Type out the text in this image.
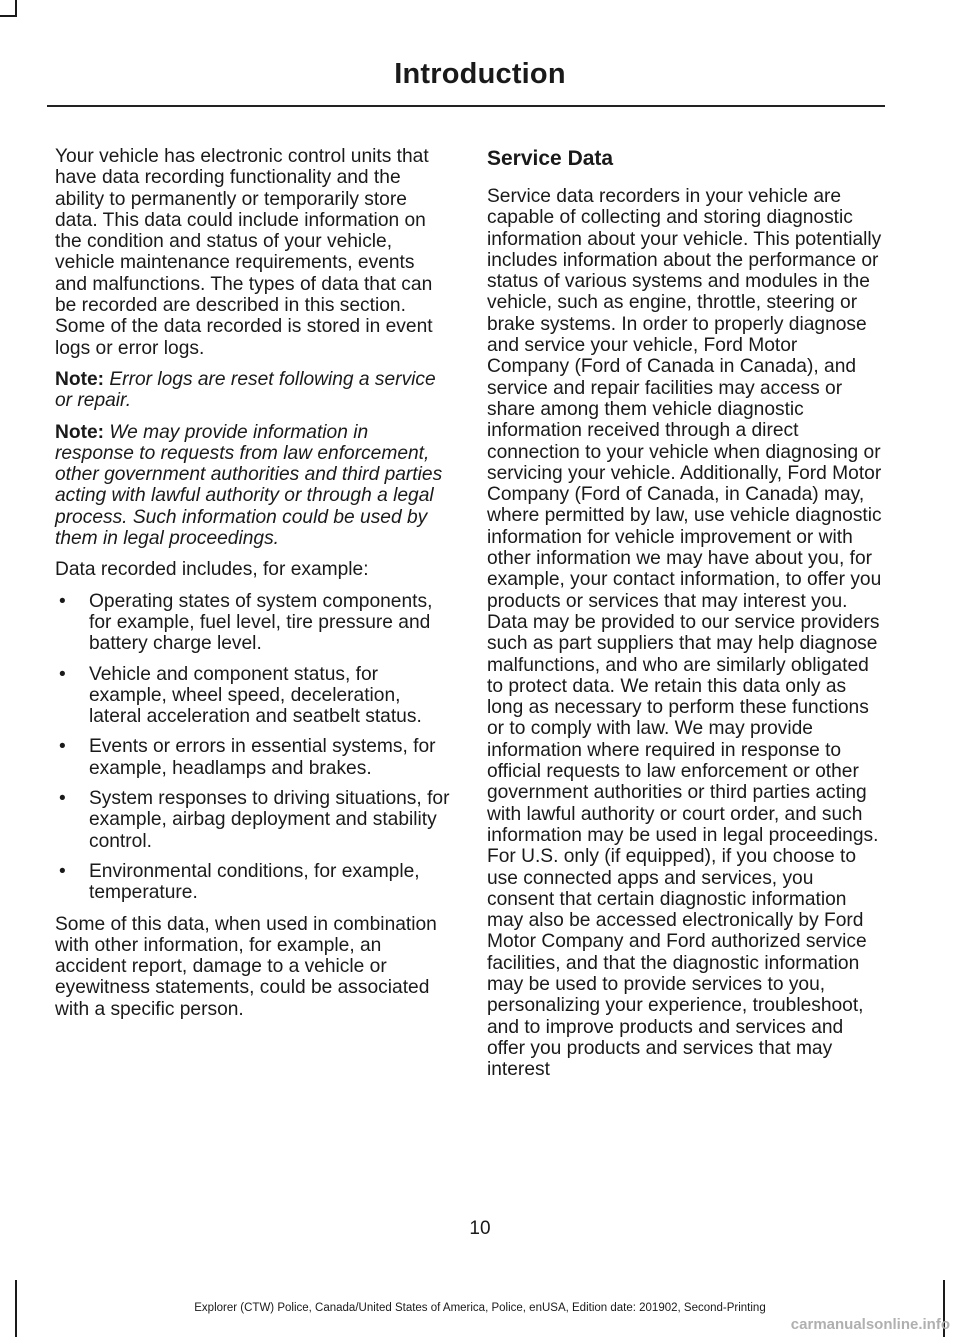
Introduction

Your vehicle has electronic control units that have data recording functionality and the ability to permanently or temporarily store data. This data could include information on the condition and status of your vehicle, vehicle maintenance requirements, events and malfunctions. The types of data that can be recorded are described in this section. Some of the data recorded is stored in event logs or error logs.

Note: Error logs are reset following a service or repair.

Note: We may provide information in response to requests from law enforcement, other government authorities and third parties acting with lawful authority or through a legal process. Such information could be used by them in legal proceedings.

Data recorded includes, for example:

• Operating states of system components, for example, fuel level, tire pressure and battery charge level.
• Vehicle and component status, for example, wheel speed, deceleration, lateral acceleration and seatbelt status.
• Events or errors in essential systems, for example, headlamps and brakes.
• System responses to driving situations, for example, airbag deployment and stability control.
• Environmental conditions, for example, temperature.

Some of this data, when used in combination with other information, for example, an accident report, damage to a vehicle or eyewitness statements, could be associated with a specific person.

Service Data

Service data recorders in your vehicle are capable of collecting and storing diagnostic information about your vehicle. This potentially includes information about the performance or status of various systems and modules in the vehicle, such as engine, throttle, steering or brake systems. In order to properly diagnose and service your vehicle, Ford Motor Company (Ford of Canada in Canada), and service and repair facilities may access or share among them vehicle diagnostic information received through a direct connection to your vehicle when diagnosing or servicing your vehicle. Additionally, Ford Motor Company (Ford of Canada, in Canada) may, where permitted by law, use vehicle diagnostic information for vehicle improvement or with other information we may have about you, for example, your contact information, to offer you products or services that may interest you. Data may be provided to our service providers such as part suppliers that may help diagnose malfunctions, and who are similarly obligated to protect data. We retain this data only as long as necessary to perform these functions or to comply with law. We may provide information where required in response to official requests to law enforcement or other government authorities or third parties acting with lawful authority or court order, and such information may be used in legal proceedings. For U.S. only (if equipped), if you choose to use connected apps and services, you consent that certain diagnostic information may also be accessed electronically by Ford Motor Company and Ford authorized service facilities, and that the diagnostic information may be used to provide services to you, personalizing your experience, troubleshoot, and to improve products and services and offer you products and services that may interest

10
Explorer (CTW) Police, Canada/United States of America, Police, enUSA, Edition date: 201902, Second-Printing
carmanualsonline.info
